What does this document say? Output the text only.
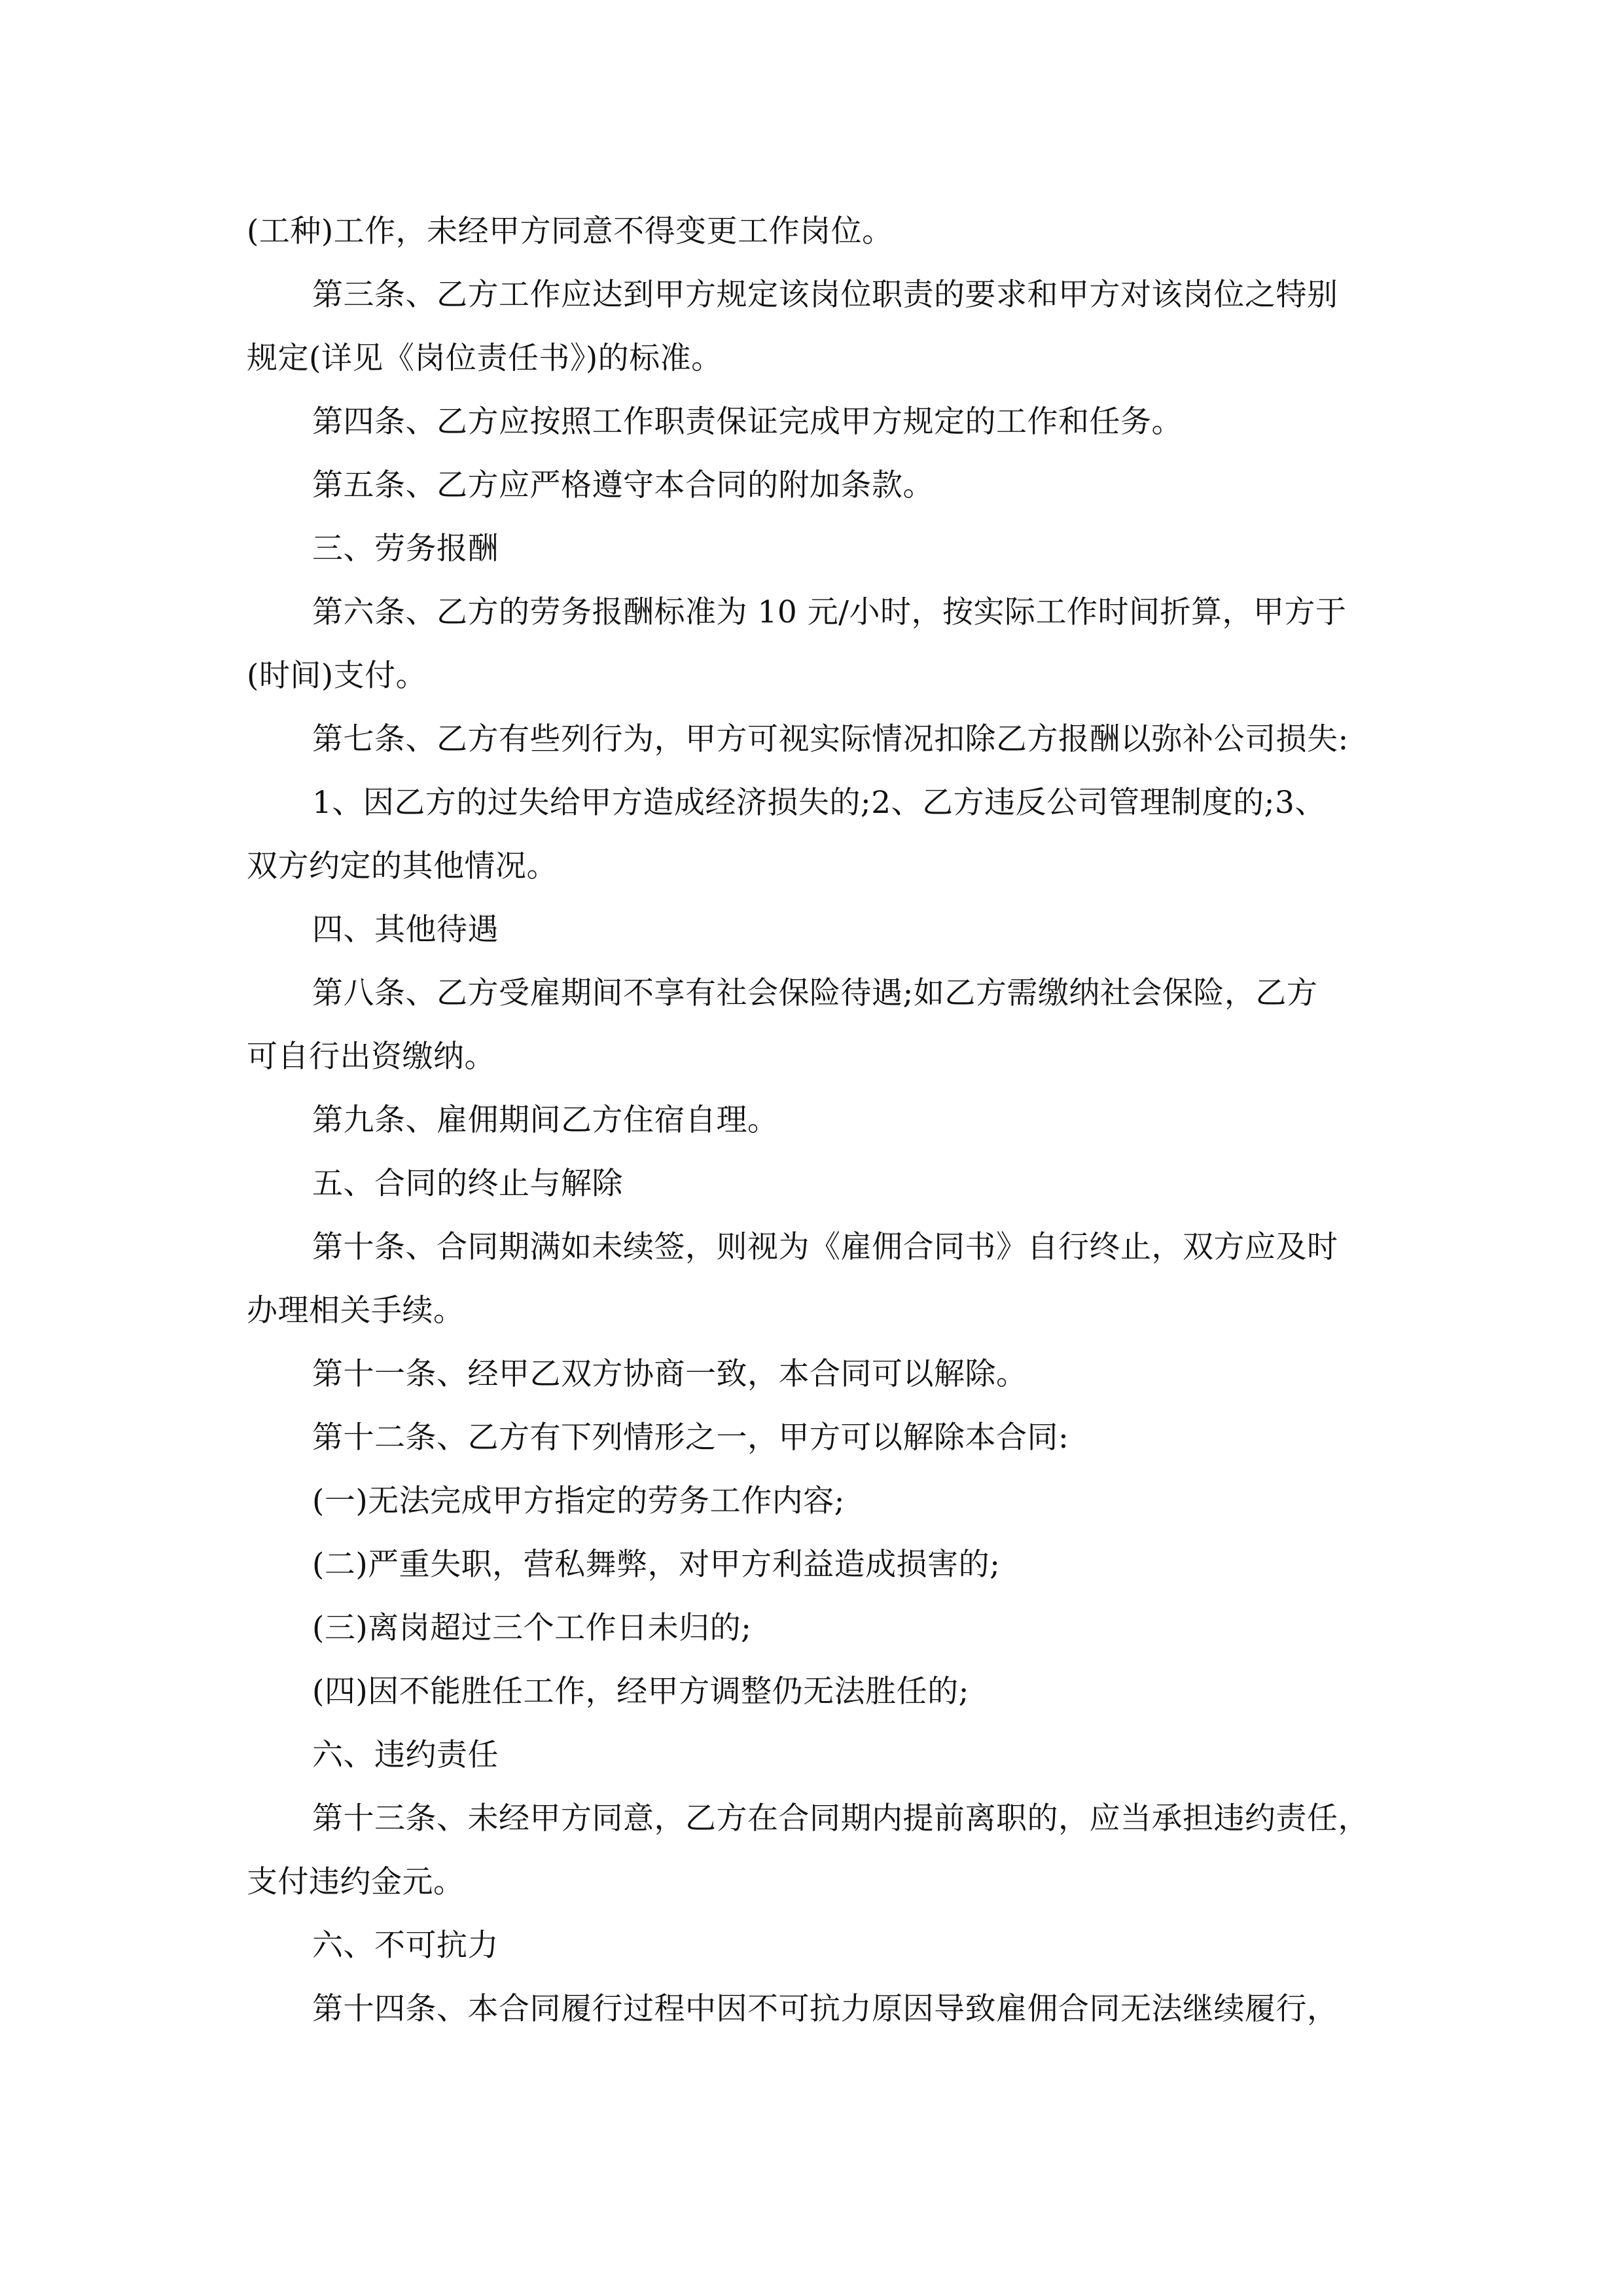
(工种)工作，未经甲方同意不得变更工作岗位。
第三条、乙方工作应达到甲方规定该岗位职责的要求和甲方对该岗位之特别
规定(详见《岗位责任书》)的标准。
第四条、乙方应按照工作职责保证完成甲方规定的工作和任务。
第五条、乙方应严格遵守本合同的附加条款。
三、劳务报酬
第六条、乙方的劳务报酬标准为 10 元/小时，按实际工作时间折算，甲方于
(时间)支付。
第七条、乙方有些列行为，甲方可视实际情况扣除乙方报酬以弥补公司损失:
1、因乙方的过失给甲方造成经济损失的;2、乙方违反公司管理制度的;3、
双方约定的其他情况。
四、其他待遇
第八条、乙方受雇期间不享有社会保险待遇;如乙方需缴纳社会保险，乙方
可自行出资缴纳。
第九条、雇佣期间乙方住宿自理。
五、合同的终止与解除
第十条、合同期满如未续签，则视为《雇佣合同书》自行终止，双方应及时
办理相关手续。
第十一条、经甲乙双方协商一致，本合同可以解除。
第十二条、乙方有下列情形之一，甲方可以解除本合同:
(一)无法完成甲方指定的劳务工作内容;
(二)严重失职，营私舞弊，对甲方利益造成损害的;
(三)离岗超过三个工作日未归的;
(四)因不能胜任工作，经甲方调整仍无法胜任的;
六、违约责任
第十三条、未经甲方同意，乙方在合同期内提前离职的，应当承担违约责任，
支付违约金元。
六、不可抗力
第十四条、本合同履行过程中因不可抗力原因导致雇佣合同无法继续履行，
